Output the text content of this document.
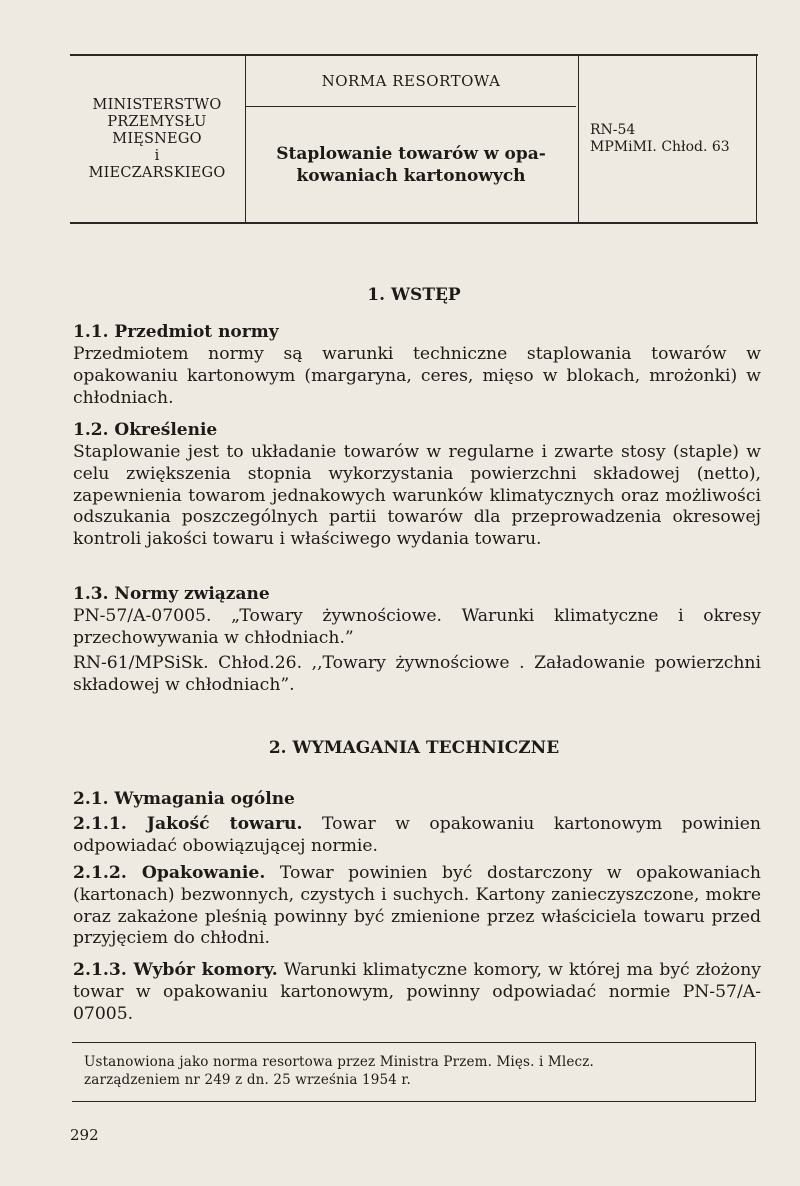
MINISTERSTWO
PRZEMYSŁU
MIĘSNEGO
i
MIECZARSKIEGO
NORMA RESORTOWA
Staplowanie towarów w opa-
kowaniach kartonowych
RN-54
MPMiMI. Chłod. 63
1. WSTĘP
1.1. Przedmiot normy
Przedmiotem normy są warunki techniczne staplowania towarów w opakowaniu kartonowym (margaryna, ceres, mięso w blokach, mrożonki) w chłodniach.
1.2. Określenie
Staplowanie jest to układanie towarów w regularne i zwarte stosy (staple) w celu zwiększenia stopnia wykorzystania powierzchni składowej (netto), zapewnienia towarom jednakowych warunków klimatycznych oraz możliwości odszukania poszczególnych partii towarów dla przeprowadzenia okresowej kontroli jakości towaru i właściwego wydania towaru.
1.3. Normy związane
PN-57/A-07005. „Towary żywnościowe. Warunki klimatyczne i okresy przechowywania w chłodniach.”
RN-61/MPSiSk. Chłod.26. ,,Towary żywnościowe . Załadowanie powierzchni składowej w chłodniach”.
2. WYMAGANIA TECHNICZNE
2.1. Wymagania ogólne
2.1.1. Jakość towaru. Towar w opakowaniu kartonowym powinien odpowiadać obowiązującej normie.
2.1.2. Opakowanie. Towar powinien być dostarczony w opakowaniach (kartonach) bezwonnych, czystych i suchych. Kartony zanieczyszczone, mokre oraz zakażone pleśnią powinny być zmienione przez właściciela towaru przed przyjęciem do chłodni.
2.1.3. Wybór komory. Warunki klimatyczne komory, w której ma być złożony towar w opakowaniu kartonowym, powinny odpowiadać normie PN-57/A-07005.
Ustanowiona jako norma resortowa przez Ministra Przem. Mięs. i Mlecz.
zarządzeniem nr 249 z dn. 25 września 1954 r.
292
